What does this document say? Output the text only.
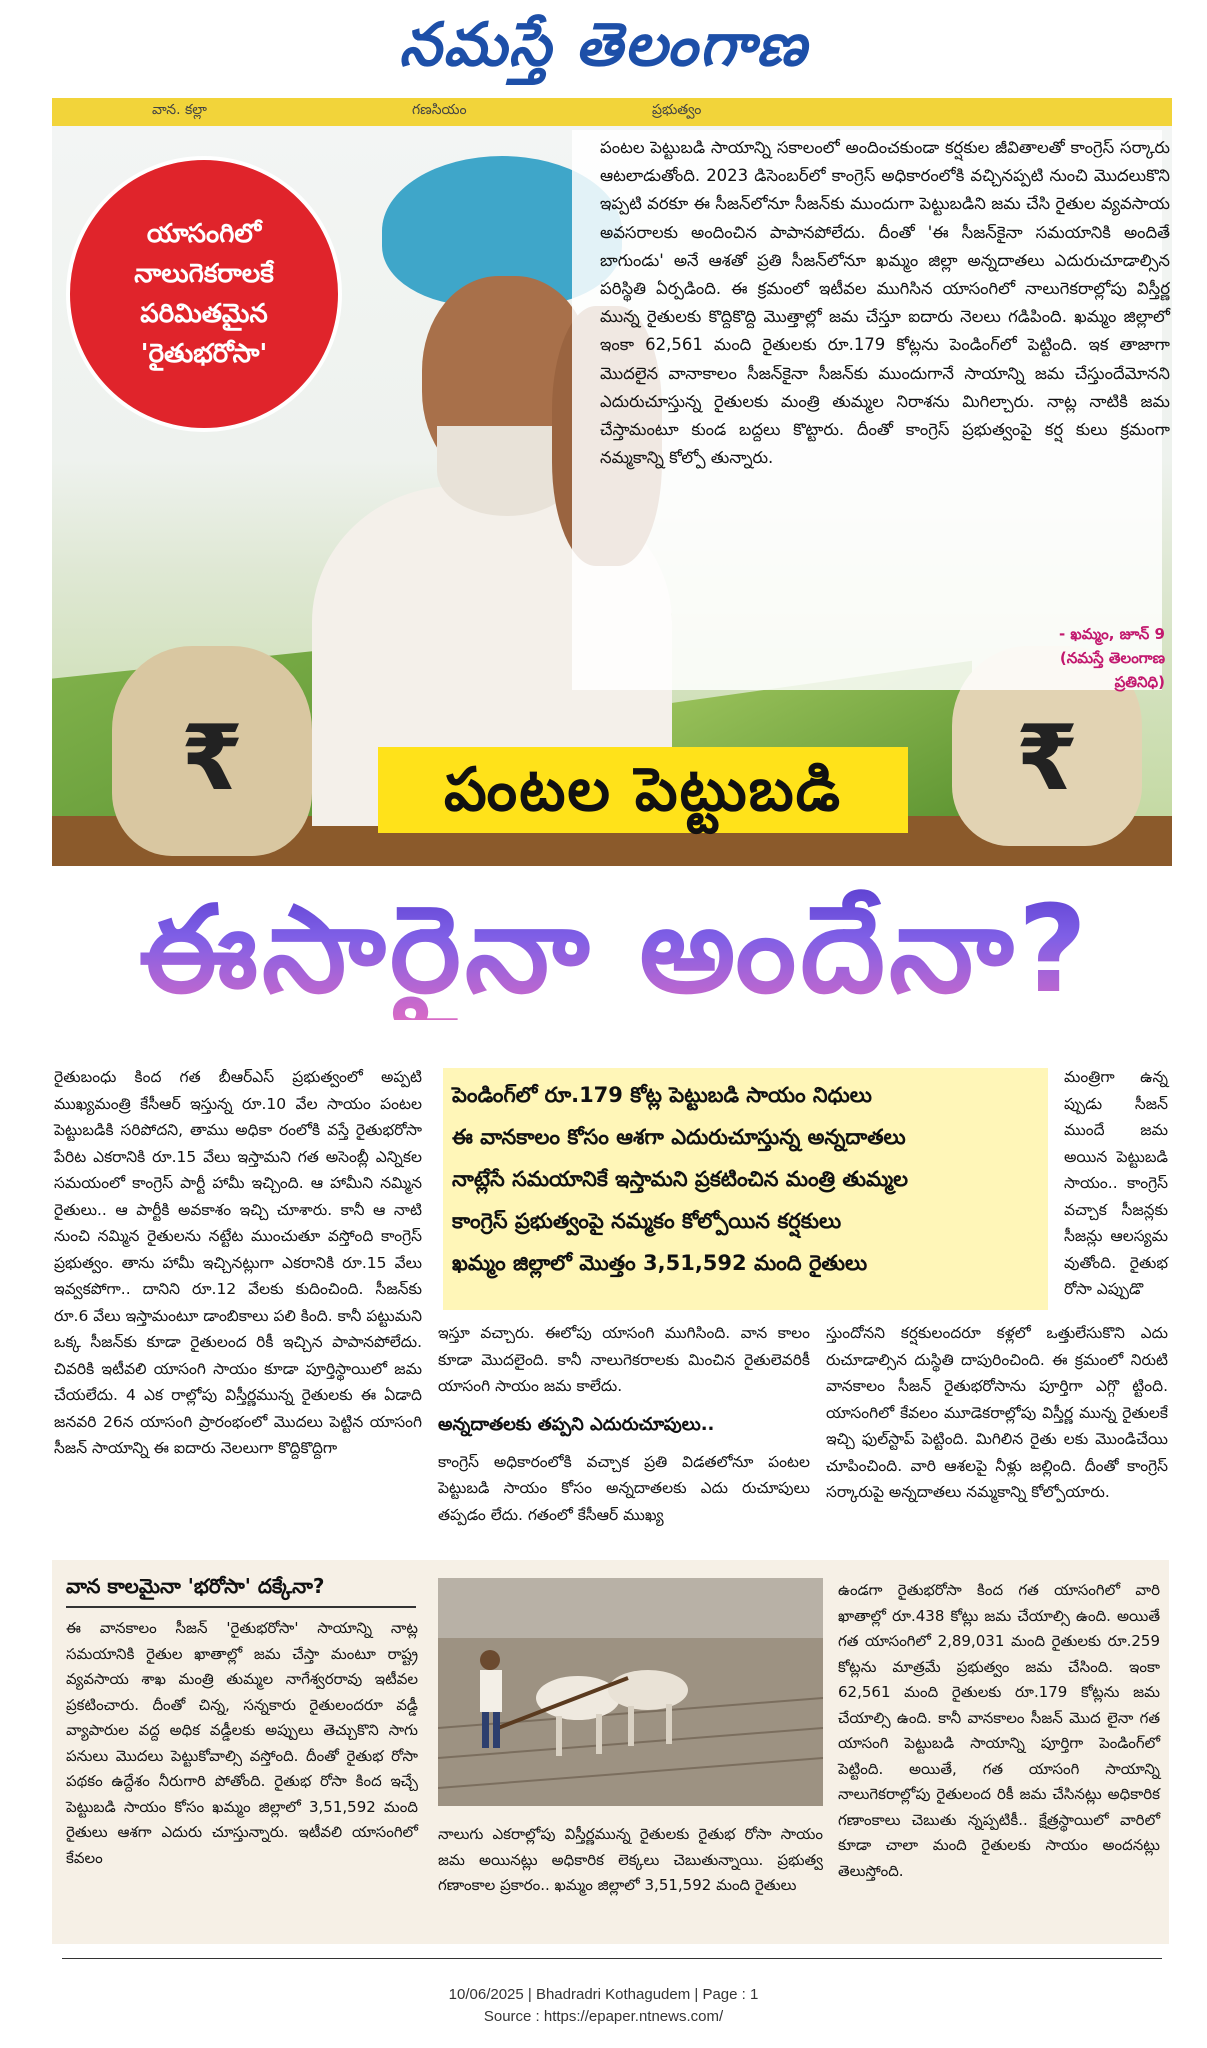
నమస్తే తెలంగాణ
వాన. కల్లా	గణసియం	ప్రభుత్వం
₹	₹
యాసంగిలో
నాలుగెకరాలకే
పరిమితమైన
'రైతుభరోసా'
పంటల పెట్టుబడి సాయాన్ని సకాలంలో అందించకుండా కర్షకుల జీవితాలతో కాంగ్రెస్ సర్కారు ఆటలాడుతోంది. 2023 డిసెంబర్‌లో కాంగ్రెస్ అధికారంలోకి వచ్చినప్పటి నుంచి మొదలుకొని ఇప్పటి వరకూ ఈ సీజన్‌లోనూ సీజన్‌కు ముందుగా పెట్టుబడిని జమ చేసి రైతుల వ్యవసాయ అవసరాలకు అందించిన పాపానపోలేదు. దీంతో 'ఈ సీజన్‌కైనా సమయానికి అందితే బాగుండు' అనే ఆశతో ప్రతి సీజన్‌లోనూ ఖమ్మం జిల్లా అన్నదాతలు ఎదురుచూడాల్సిన పరిస్థితి ఏర్పడింది. ఈ క్రమంలో ఇటీవల ముగిసిన యాసంగిలో నాలుగెకరాల్లోపు విస్తీర్ణ మున్న రైతులకు కొద్దికొద్ది మొత్తాల్లో జమ చేస్తూ ఐదారు నెలలు గడిపింది. ఖమ్మం జిల్లాలో ఇంకా 62,561 మంది రైతులకు రూ.179 కోట్లను పెండింగ్‌లో పెట్టింది. ఇక తాజాగా మొదలైన వానాకాలం సీజన్‌కైనా సీజన్‌కు ముందుగానే సాయాన్ని జమ చేస్తుందేమోనని ఎదురుచూస్తున్న రైతులకు మంత్రి తుమ్మల నిరాశను మిగిల్చారు. నాట్ల నాటికి జమ చేస్తామంటూ కుండ బద్దలు కొట్టారు. దీంతో కాంగ్రెస్ ప్రభుత్వంపై కర్ష కులు క్రమంగా నమ్మకాన్ని కోల్పో తున్నారు.
- ఖమ్మం, జూన్ 9
(నమస్తే తెలంగాణ
ప్రతినిధి)
పంటల పెట్టుబడి
ఈసారైనా అందేనా?
రైతుబంధు కింద గత బీఆర్‌ఎస్ ప్రభుత్వంలో అప్పటి ముఖ్యమంత్రి కేసీఆర్ ఇస్తున్న రూ.10 వేల సాయం పంటల పెట్టుబడికి సరిపోదని, తాము అధికా రంలోకి వస్తే రైతుభరోసా పేరిట ఎకరానికి రూ.15 వేలు ఇస్తామని గత అసెంబ్లీ ఎన్నికల సమయంలో కాంగ్రెస్ పార్టీ హామీ ఇచ్చింది. ఆ హామీని నమ్మిన రైతులు.. ఆ పార్టీకి అవకాశం ఇచ్చి చూశారు. కానీ ఆ నాటి నుంచి నమ్మిన రైతులను నట్టేట ముంచుతూ వస్తోంది కాంగ్రెస్ ప్రభుత్వం. తాను హామీ ఇచ్చినట్లుగా ఎకరానికి రూ.15 వేలు ఇవ్వకపోగా.. దానిని రూ.12 వేలకు కుదించింది. సీజన్‌కు రూ.6 వేలు ఇస్తామంటూ డాంబికాలు పలి కింది. కానీ పట్టుమని ఒక్క సీజన్‌కు కూడా రైతులంద రికీ ఇచ్చిన పాపానపోలేదు. చివరికి ఇటీవలి యాసంగి సాయం కూడా పూర్తిస్థాయిలో జమ చేయలేదు. 4 ఎక రాల్లోపు విస్తీర్ణమున్న రైతులకు ఈ ఏడాది జనవరి 26న యాసంగి ప్రారంభంలో మొదలు పెట్టిన యాసంగి సీజన్ సాయాన్ని ఈ ఐదారు నెలలుగా కొద్దికొద్దిగా
పెండింగ్‌లో రూ.179 కోట్ల పెట్టుబడి సాయం నిధులు
ఈ వానకాలం కోసం ఆశగా ఎదురుచూస్తున్న అన్నదాతలు
నాట్లేసే సమయానికే ఇస్తామని ప్రకటించిన మంత్రి తుమ్మల
కాంగ్రెస్ ప్రభుత్వంపై నమ్మకం కోల్పోయిన కర్షకులు
ఖమ్మం జిల్లాలో మొత్తం 3,51,592 మంది రైతులు
మంత్రిగా ఉన్న ప్పుడు సీజన్ ముందే జమ అయిన పెట్టుబడి సాయం.. కాంగ్రెస్ వచ్చాక సీజన్లకు సీజన్లు ఆలస్యమ వుతోంది. రైతుభ రోసా ఎప్పుడొ
ఇస్తూ వచ్చారు. ఈలోపు యాసంగి ముగిసింది. వాన కాలం కూడా మొదలైంది. కానీ నాలుగెకరాలకు మించిన రైతులెవరికీ యాసంగి సాయం జమ కాలేదు.
అన్నదాతలకు తప్పని ఎదురుచూపులు..
కాంగ్రెస్ అధికారంలోకి వచ్చాక ప్రతి విడతలోనూ పంటల పెట్టుబడి సాయం కోసం అన్నదాతలకు ఎదు రుచూపులు తప్పడం లేదు. గతంలో కేసీఆర్ ముఖ్య
స్తుందోనని కర్షకులందరూ కళ్లలో ఒత్తులేసుకొని ఎదు రుచూడాల్సిన దుస్థితి దాపురించింది. ఈ క్రమంలో నిరుటి వానకాలం సీజన్ రైతుభరోసాను పూర్తిగా ఎగ్గొ ట్టింది. యాసంగిలో కేవలం మూడెకరాల్లోపు విస్తీర్ణ మున్న రైతులకే ఇచ్చి ఫుల్‌స్టాప్ పెట్టింది. మిగిలిన రైతు లకు మొండిచేయి చూపించింది. వారి ఆశలపై నీళ్లు జల్లింది. దీంతో కాంగ్రెస్ సర్కారుపై అన్నదాతలు నమ్మకాన్ని కోల్పోయారు.
వాన కాలమైనా 'భరోసా' దక్కేనా?
ఈ వానకాలం సీజన్ 'రైతుభరోసా' సాయాన్ని నాట్ల సమయానికి రైతుల ఖాతాల్లో జమ చేస్తా మంటూ రాష్ట్ర వ్యవసాయ శాఖ మంత్రి తుమ్మల నాగేశ్వరరావు ఇటీవల ప్రకటించారు. దీంతో చిన్న, సన్నకారు రైతులందరూ వడ్డీ వ్యాపారుల వద్ద అధిక వడ్డీలకు అప్పులు తెచ్చుకొని సాగు పనులు మొదలు పెట్టుకోవాల్సి వస్తోంది. దీంతో రైతుభ రోసా పథకం ఉద్దేశం నీరుగారి పోతోంది. రైతుభ రోసా కింద ఇచ్చే పెట్టుబడి సాయం కోసం ఖమ్మం జిల్లాలో 3,51,592 మంది రైతులు ఆశగా ఎదురు చూస్తున్నారు. ఇటీవలి యాసంగిలో కేవలం
నాలుగు ఎకరాల్లోపు విస్తీర్ణమున్న రైతులకు రైతుభ రోసా సాయం జమ అయినట్లు అధికారిక లెక్కలు చెబుతున్నాయి. ప్రభుత్వ గణాంకాల ప్రకారం.. ఖమ్మం జిల్లాలో 3,51,592 మంది రైతులు
ఉండగా రైతుభరోసా కింద గత యాసంగిలో వారి ఖాతాల్లో రూ.438 కోట్లు జమ చేయాల్సి ఉంది. అయితే గత యాసంగిలో 2,89,031 మంది రైతులకు రూ.259 కోట్లను మాత్రమే ప్రభుత్వం జమ చేసింది. ఇంకా 62,561 మంది రైతులకు రూ.179 కోట్లను జమ చేయాల్సి ఉంది. కానీ వానకాలం సీజన్ మొద లైనా గత యాసంగి పెట్టుబడి సాయాన్ని పూర్తిగా పెండింగ్‌లో పెట్టింది. అయితే, గత యాసంగి సాయాన్ని నాలుగెకరాల్లోపు రైతులంద రికీ జమ చేసినట్లు అధికారిక గణాంకాలు చెబుతు న్నప్పటికీ.. క్షేత్రస్థాయిలో వారిలో కూడా చాలా మంది రైతులకు సాయం అందనట్లు తెలుస్తోంది.
10/06/2025 | Bhadradri Kothagudem | Page : 1
Source : https://epaper.ntnews.com/
